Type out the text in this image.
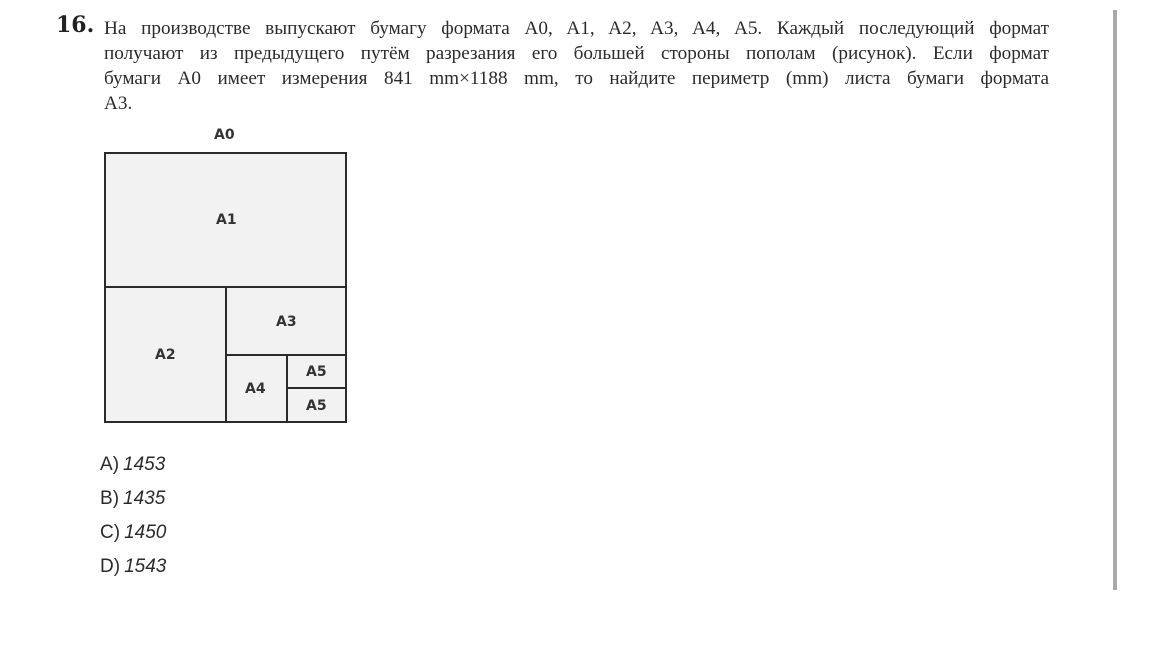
16. На производстве выпускают бумагу формата A0, A1, A2, A3, A4, A5. Каждый последующий формат
получают из предыдущего путём разрезания его большей стороны пополам (рисунок). Если формат
бумаги A0 имеет измерения 841 mm×1188 mm, то найдите периметр (mm) листа бумаги формата
A3.
A0
A1
A2
A3
A4
A5
A5
A) 1453
B) 1435
C) 1450
D) 1543
